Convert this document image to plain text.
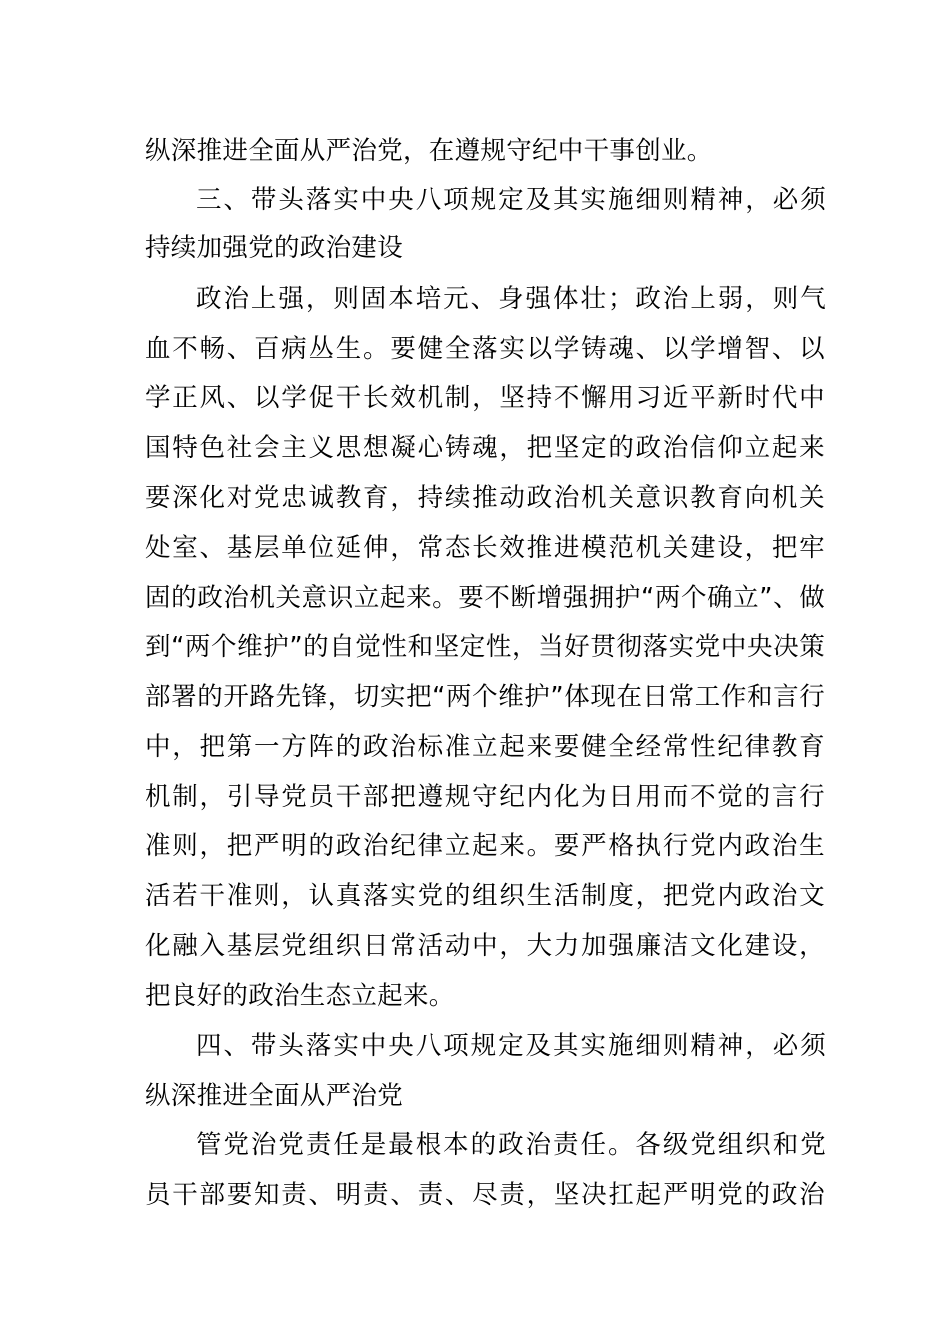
纵深推进全面从严治党，在遵规守纪中干事创业。
三、带头落实中央八项规定及其实施细则精神，必须
持续加强党的政治建设
政治上强，则固本培元、身强体壮；政治上弱，则气
血不畅、百病丛生。要健全落实以学铸魂、以学增智、以
学正风、以学促干长效机制，坚持不懈用习近平新时代中
国特色社会主义思想凝心铸魂，把坚定的政治信仰立起来
要深化对党忠诚教育，持续推动政治机关意识教育向机关
处室、基层单位延伸，常态长效推进模范机关建设，把牢
固的政治机关意识立起来。要不断增强拥护“两个确立”、做
到“两个维护”的自觉性和坚定性，当好贯彻落实党中央决策
部署的开路先锋，切实把“两个维护”体现在日常工作和言行
中，把第一方阵的政治标准立起来要健全经常性纪律教育
机制，引导党员干部把遵规守纪内化为日用而不觉的言行
准则，把严明的政治纪律立起来。要严格执行党内政治生
活若干准则，认真落实党的组织生活制度，把党内政治文
化融入基层党组织日常活动中，大力加强廉洁文化建设，
把良好的政治生态立起来。
四、带头落实中央八项规定及其实施细则精神，必须
纵深推进全面从严治党
管党治党责任是最根本的政治责任。各级党组织和党
员干部要知责、明责、责、尽责，坚决扛起严明党的政治
